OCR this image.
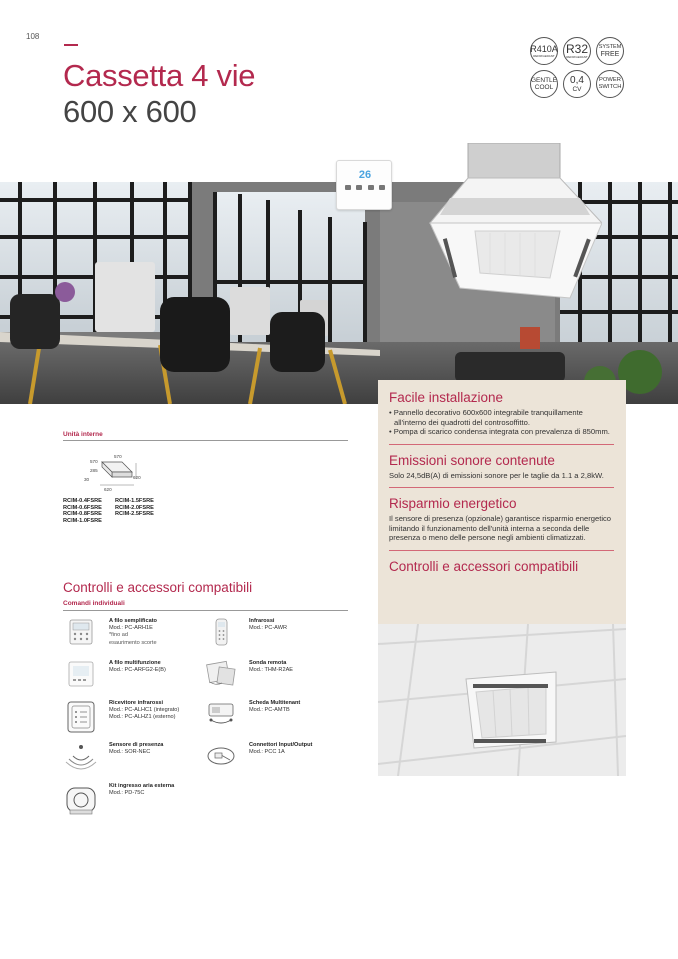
108
Cassetta 4 vie
600 x 600
R410A
REFRIGERANT R32
REFRIGERANT
SYSTEM
FREE
GENTLE
COOL
0,4
CV
POWER
SWITCH
26
Facile installazione
• Pannello decorativo 600x600 integrabile tranquillamente all'interno dei quadrotti del controsoffitto.
• Pompa di scarico condensa integrata con prevalenza di 850mm.
Emissioni sonore contenute
Solo 24,5dB(A) di emissioni sonore per le taglie da 1.1 a 2,8kW.
Risparmio energetico
Il sensore di presenza (opzionale) garantisce risparmio energetico limitando il funzionamento dell'unità interna a seconda delle presenza o meno delle persone negli ambienti climatizzati.
Controlli e accessori compatibili
Unità interne
570
570
285
30	620
620
RCIM-0.4FSRE
RCIM-0.6FSRE
RCIM-0.8FSRE
RCIM-1.0FSRE
RCIM-1.5FSRE
RCIM-2.0FSRE
RCIM-2.5FSRE
Controlli e accessori compatibili
Comandi individuali
A filo semplificato
Mod.: PC-ARH1E
*fino ad
esaurimento scorte
Infrarossi
Mod.: PC-AWR
A filo multifunzione
Mod.: PC-ARFG2-E(B)
Sonda remota
Mod.: THM-R2AE
Ricevitore infrarossi
Mod.: PC-ALHC1 (integrato)
Mod.: PC-ALHZ1 (esterno)
Scheda Multitenant
Mod.: PC-AMTB
Sensore di presenza
Mod.: SOR-NEC
Connettori Input/Output
Mod.: PCC 1A
Kit ingresso aria esterna
Mod.: PD-75C
